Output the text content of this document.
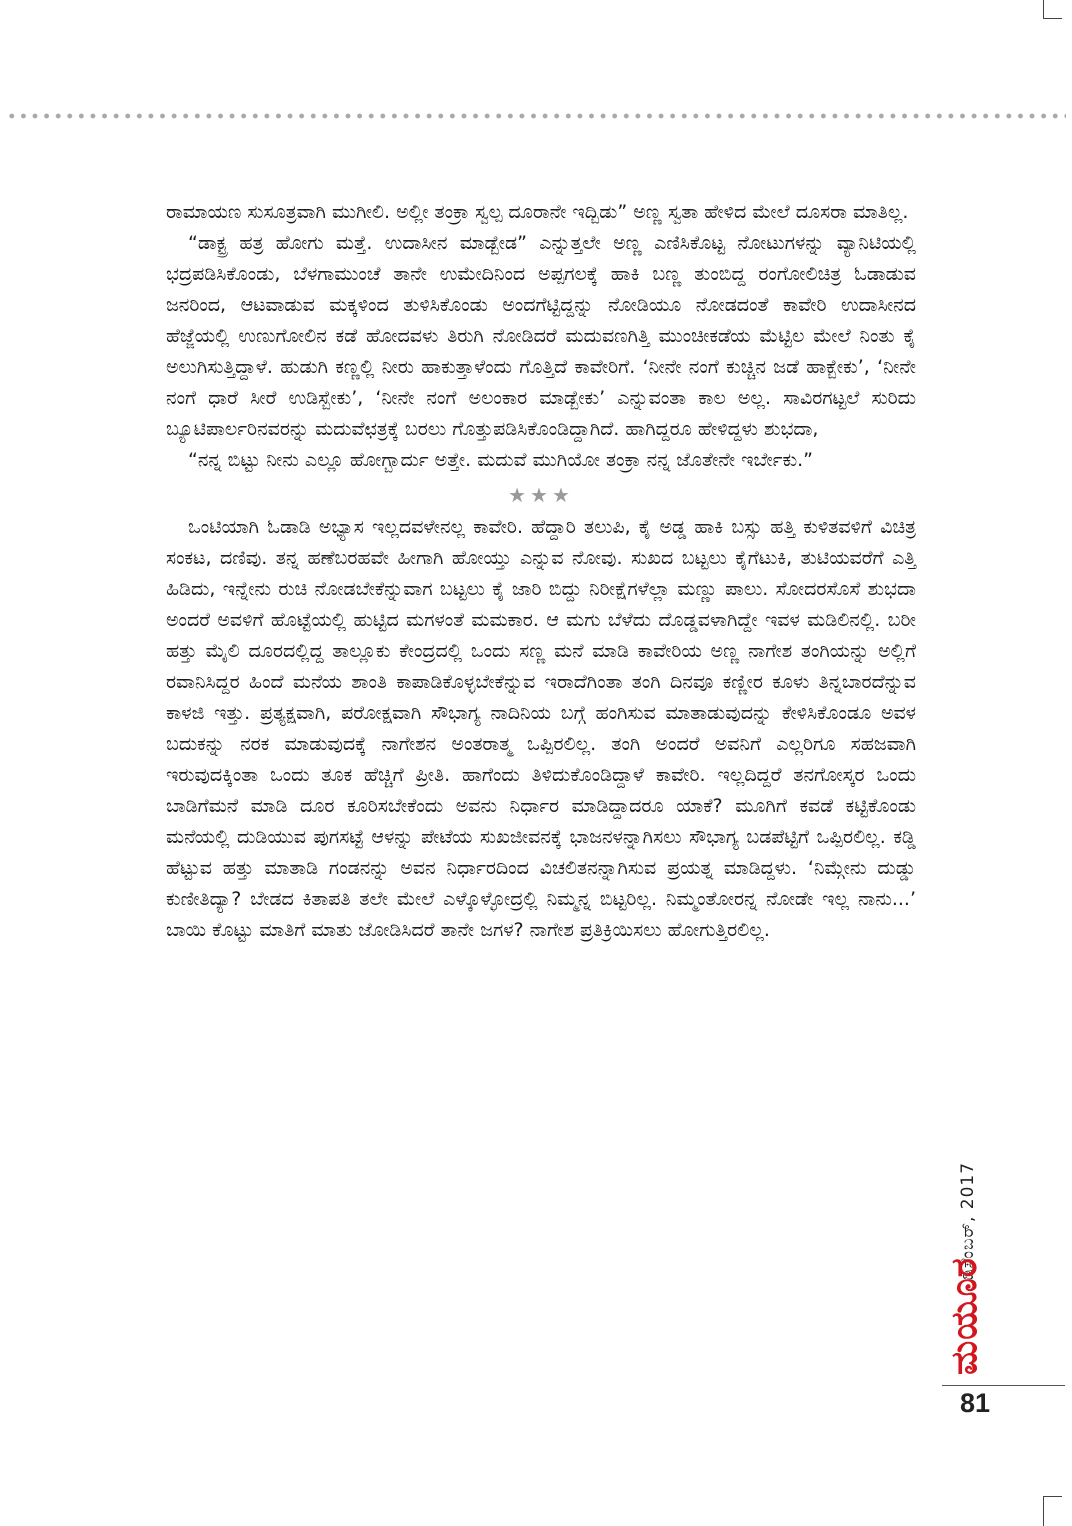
ರಾಮಾಯಣ ಸುಸೂತ್ರವಾಗಿ ಮುಗೀಲಿ. ಅಲ್ಲೀ ತಂಕ್ರಾ ಸ್ವಲ್ಪ ದೂರಾನೇ ಇದ್ಬಿಡು” ಅಣ್ಣ ಸ್ವತಾ ಹೇಳಿದ ಮೇಲೆ ದೂಸರಾ ಮಾತಿಲ್ಲ.

“ಡಾಕ್ಟ್ರ ಹತ್ರ ಹೋಗು ಮತ್ತೆ. ಉದಾಸೀನ ಮಾಡ್ಬೇಡ” ಎನ್ನುತ್ತಲೇ ಅಣ್ಣ ಎಣಿಸಿಕೊಟ್ಟ ನೋಟುಗಳನ್ನು ವ್ಯಾನಿಟಿಯಲ್ಲಿ ಭದ್ರಪಡಿಸಿಕೊಂಡು, ಬೆಳಗಾಮುಂಚೆ ತಾನೇ ಉಮೇದಿನಿಂದ ಅಪ್ಪಗಲಕ್ಕೆ ಹಾಕಿ ಬಣ್ಣ ತುಂಬಿದ್ದ ರಂಗೋಲಿಚಿತ್ರ ಓಡಾಡುವ ಜನರಿಂದ, ಆಟವಾಡುವ ಮಕ್ಕಳಿಂದ ತುಳಿಸಿಕೊಂಡು ಅಂದಗೆಟ್ಟಿದ್ದನ್ನು ನೋಡಿಯೂ ನೋಡದಂತೆ ಕಾವೇರಿ ಉದಾಸೀನದ ಹೆಜ್ಜೆಯಲ್ಲಿ ಉಣುಗೋಲಿನ ಕಡೆ ಹೋದವಳು ತಿರುಗಿ ನೋಡಿದರೆ ಮದುವಣಗಿತ್ತಿ ಮುಂಚೀಕಡೆಯ ಮೆಟ್ಟಿಲ ಮೇಲೆ ನಿಂತು ಕೈ ಅಲುಗಿಸುತ್ತಿದ್ದಾಳೆ. ಹುಡುಗಿ ಕಣ್ಣಲ್ಲಿ ನೀರು ಹಾಕುತ್ತಾಳೆಂದು ಗೊತ್ತಿದೆ ಕಾವೇರಿಗೆ. ‘ನೀನೇ ನಂಗೆ ಕುಚ್ಚಿನ ಜಡೆ ಹಾಕ್ಬೇಕು’, ‘ನೀನೇ ನಂಗೆ ಧಾರೆ ಸೀರೆ ಉಡಿಸ್ಬೇಕು’, ‘ನೀನೇ ನಂಗೆ ಅಲಂಕಾರ ಮಾಡ್ಬೇಕು’ ಎನ್ನುವಂತಾ ಕಾಲ ಅಲ್ಲ. ಸಾವಿರಗಟ್ಟಲೆ ಸುರಿದು ಬ್ಯೂಟಿಪಾರ್ಲರಿನವರನ್ನು ಮದುವೆಛತ್ರಕ್ಕೆ ಬರಲು ಗೊತ್ತುಪಡಿಸಿಕೊಂಡಿದ್ದಾಗಿದೆ. ಹಾಗಿದ್ದರೂ ಹೇಳಿದ್ದಳು ಶುಭದಾ,

“ನನ್ನ ಬಿಟ್ಟು ನೀನು ಎಲ್ಲೂ ಹೋಗ್ಬಾರ್ದು ಅತ್ತೇ. ಮದುವೆ ಮುಗಿಯೋ ತಂಕ್ರಾ ನನ್ನ ಜೊತೇನೇ ಇರ್ಬೇಕು.”

★★★

ಒಂಟಿಯಾಗಿ ಓಡಾಡಿ ಅಭ್ಯಾಸ ಇಲ್ಲದವಳೇನಲ್ಲ ಕಾವೇರಿ. ಹೆದ್ದಾರಿ ತಲುಪಿ, ಕೈ ಅಡ್ಡ ಹಾಕಿ ಬಸ್ಸು ಹತ್ತಿ ಕುಳಿತವಳಿಗೆ ವಿಚಿತ್ರ ಸಂಕಟ, ದಣಿವು. ತನ್ನ ಹಣೆಬರಹವೇ ಹೀಗಾಗಿ ಹೋಯ್ತು ಎನ್ನುವ ನೋವು. ಸುಖದ ಬಟ್ಟಲು ಕೈಗೆಟುಕಿ, ತುಟಿಯವರೆಗೆ ಎತ್ತಿ ಹಿಡಿದು, ಇನ್ನೇನು ರುಚಿ ನೋಡಬೇಕೆನ್ನುವಾಗ ಬಟ್ಟಲು ಕೈ ಜಾರಿ ಬಿದ್ದು ನಿರೀಕ್ಷೆಗಳೆಲ್ಲಾ ಮಣ್ಣು ಪಾಲು. ಸೋದರಸೊಸೆ ಶುಭದಾ ಅಂದರೆ ಅವಳಿಗೆ ಹೊಟ್ಟೆಯಲ್ಲಿ ಹುಟ್ಟಿದ ಮಗಳಂತೆ ಮಮಕಾರ. ಆ ಮಗು ಬೆಳೆದು ದೊಡ್ಡವಳಾಗಿದ್ದೇ ಇವಳ ಮಡಿಲಿನಲ್ಲಿ. ಬರೀ ಹತ್ತು ಮೈಲಿ ದೂರದಲ್ಲಿದ್ದ ತಾಲ್ಲೂಕು ಕೇಂದ್ರದಲ್ಲಿ ಒಂದು ಸಣ್ಣ ಮನೆ ಮಾಡಿ ಕಾವೇರಿಯ ಅಣ್ಣ ನಾಗೇಶ ತಂಗಿಯನ್ನು ಅಲ್ಲಿಗೆ ರವಾನಿಸಿದ್ದರ ಹಿಂದೆ ಮನೆಯ ಶಾಂತಿ ಕಾಪಾಡಿಕೊಳ್ಳಬೇಕೆನ್ನುವ ಇರಾದೆಗಿಂತಾ ತಂಗಿ ದಿನವೂ ಕಣ್ಣೀರ ಕೂಳು ತಿನ್ನಬಾರದೆನ್ನುವ ಕಾಳಜಿ ಇತ್ತು. ಪ್ರತ್ಯಕ್ಷವಾಗಿ, ಪರೋಕ್ಷವಾಗಿ ಸೌಭಾಗ್ಯ ನಾದಿನಿಯ ಬಗ್ಗೆ ಹಂಗಿಸುವ ಮಾತಾಡುವುದನ್ನು ಕೇಳಿಸಿಕೊಂಡೂ ಅವಳ ಬದುಕನ್ನು ನರಕ ಮಾಡುವುದಕ್ಕೆ ನಾಗೇಶನ ಅಂತರಾತ್ಮ ಒಪ್ಪಿರಲಿಲ್ಲ. ತಂಗಿ ಅಂದರೆ ಅವನಿಗೆ ಎಲ್ಲರಿಗೂ ಸಹಜವಾಗಿ ಇರುವುದಕ್ಕಿಂತಾ ಒಂದು ತೂಕ ಹೆಚ್ಚಿಗೆ ಪ್ರೀತಿ. ಹಾಗೆಂದು ತಿಳಿದುಕೊಂಡಿದ್ದಾಳೆ ಕಾವೇರಿ. ಇಲ್ಲದಿದ್ದರೆ ತನಗೋಸ್ಕರ ಒಂದು ಬಾಡಿಗೆಮನೆ ಮಾಡಿ ದೂರ ಕೂರಿಸಬೇಕೆಂದು ಅವನು ನಿರ್ಧಾರ ಮಾಡಿದ್ದಾದರೂ ಯಾಕೆ? ಮೂಗಿಗೆ ಕವಡೆ ಕಟ್ಟಿಕೊಂಡು ಮನೆಯಲ್ಲಿ ದುಡಿಯುವ ಪುಗಸಟ್ಟೆ ಆಳನ್ನು ಪೇಟೆಯ ಸುಖಜೀವನಕ್ಕೆ ಭಾಜನಳನ್ನಾಗಿಸಲು ಸೌಭಾಗ್ಯ ಬಡಪೆಟ್ಟಿಗೆ ಒಪ್ಪಿರಲಿಲ್ಲ. ಕಡ್ಡಿ ಹೆಟ್ಟುವ ಹತ್ತು ಮಾತಾಡಿ ಗಂಡನನ್ನು ಅವನ ನಿರ್ಧಾರದಿಂದ ವಿಚಲಿತನನ್ನಾಗಿಸುವ ಪ್ರಯತ್ನ ಮಾಡಿದ್ದಳು. ‘ನಿಮ್ಗೇನು ದುಡ್ಡು ಕುಣೀತಿದ್ಯಾ? ಬೇಡದ ಕಿತಾಪತಿ ತಲೇ ಮೇಲೆ ಎಳ್ಕೊಳ್ಳೋದ್ರಲ್ಲಿ ನಿಮ್ಮನ್ನ ಬಿಟ್ಟರಿಲ್ಲ. ನಿಮ್ಮಂತೋರನ್ನ ನೋಡೇ ಇಲ್ಲ ನಾನು...’ ಬಾಯಿ ಕೊಟ್ಟು ಮಾತಿಗೆ ಮಾತು ಜೋಡಿಸಿದರೆ ತಾನೇ ಜಗಳ? ನಾಗೇಶ ಪ್ರತಿಕ್ರಿಯಿಸಲು ಹೋಗುತ್ತಿರಲಿಲ್ಲ.

ಡಿಸೆಂಬರ್, 2017
ಮಯೂರ
81
